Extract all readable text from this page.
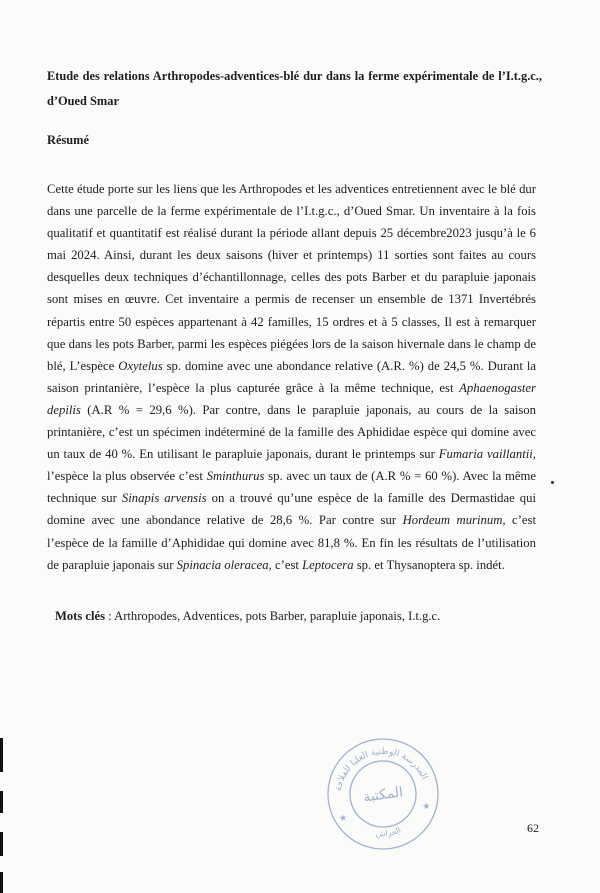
Etude des relations Arthropodes-adventices-blé dur dans la ferme expérimentale de l’I.t.g.c., d’Oued Smar
Résumé

Cette étude porte sur les liens que les Arthropodes et les adventices entretiennent avec le blé dur dans une parcelle de la ferme expérimentale de l’I.t.g.c., d’Oued Smar. Un inventaire à la fois qualitatif et quantitatif est réalisé durant la période allant depuis 25 décembre2023 jusqu’à le 6 mai 2024. Ainsi, durant les deux saisons (hiver et printemps) 11 sorties sont faites au cours desquelles deux techniques d’échantillonnage, celles des pots Barber et du parapluie japonais sont mises en œuvre. Cet inventaire a permis de recenser un ensemble de 1371 Invertébrés répartis entre 50 espèces appartenant à 42 familles, 15 ordres et à 5 classes, Il est à remarquer que dans les pots Barber, parmi les espèces piégées lors de la saison hivernale dans le champ de blé, L’espèce Oxytelus sp. domine avec une abondance relative (A.R. %) de 24,5 %. Durant la saison printanière, l’espèce la plus capturée grâce à la même technique, est Aphaenogaster depilis (A.R % = 29,6 %). Par contre, dans le parapluie japonais, au cours de la saison printanière, c’est un spécimen indéterminé de la famille des Aphididae espèce qui domine avec un taux de 40 %. En utilisant le parapluie japonais, durant le printemps sur Fumaria vaillantii, l’espèce la plus observée c’est Sminthurus sp. avec un taux de (A.R % = 60 %). Avec la même technique sur Sinapis arvensis on a trouvé qu’une espèce de la famille des Dermastidae qui domine avec une abondance relative de 28,6 %. Par contre sur Hordeum murinum, c’est l’espèce de la famille d’Aphididae qui domine avec 81,8 %. En fin les résultats de l’utilisation de parapluie japonais sur Spinacia oleracea, c’est Leptocera sp. et Thysanoptera sp. indét.

Mots clés : Arthropodes, Adventices, pots Barber, parapluie japonais, I.t.g.c.
62
المدرسة الوطنية العليا للفلاحة
المكتبة
الحراش
★
★
